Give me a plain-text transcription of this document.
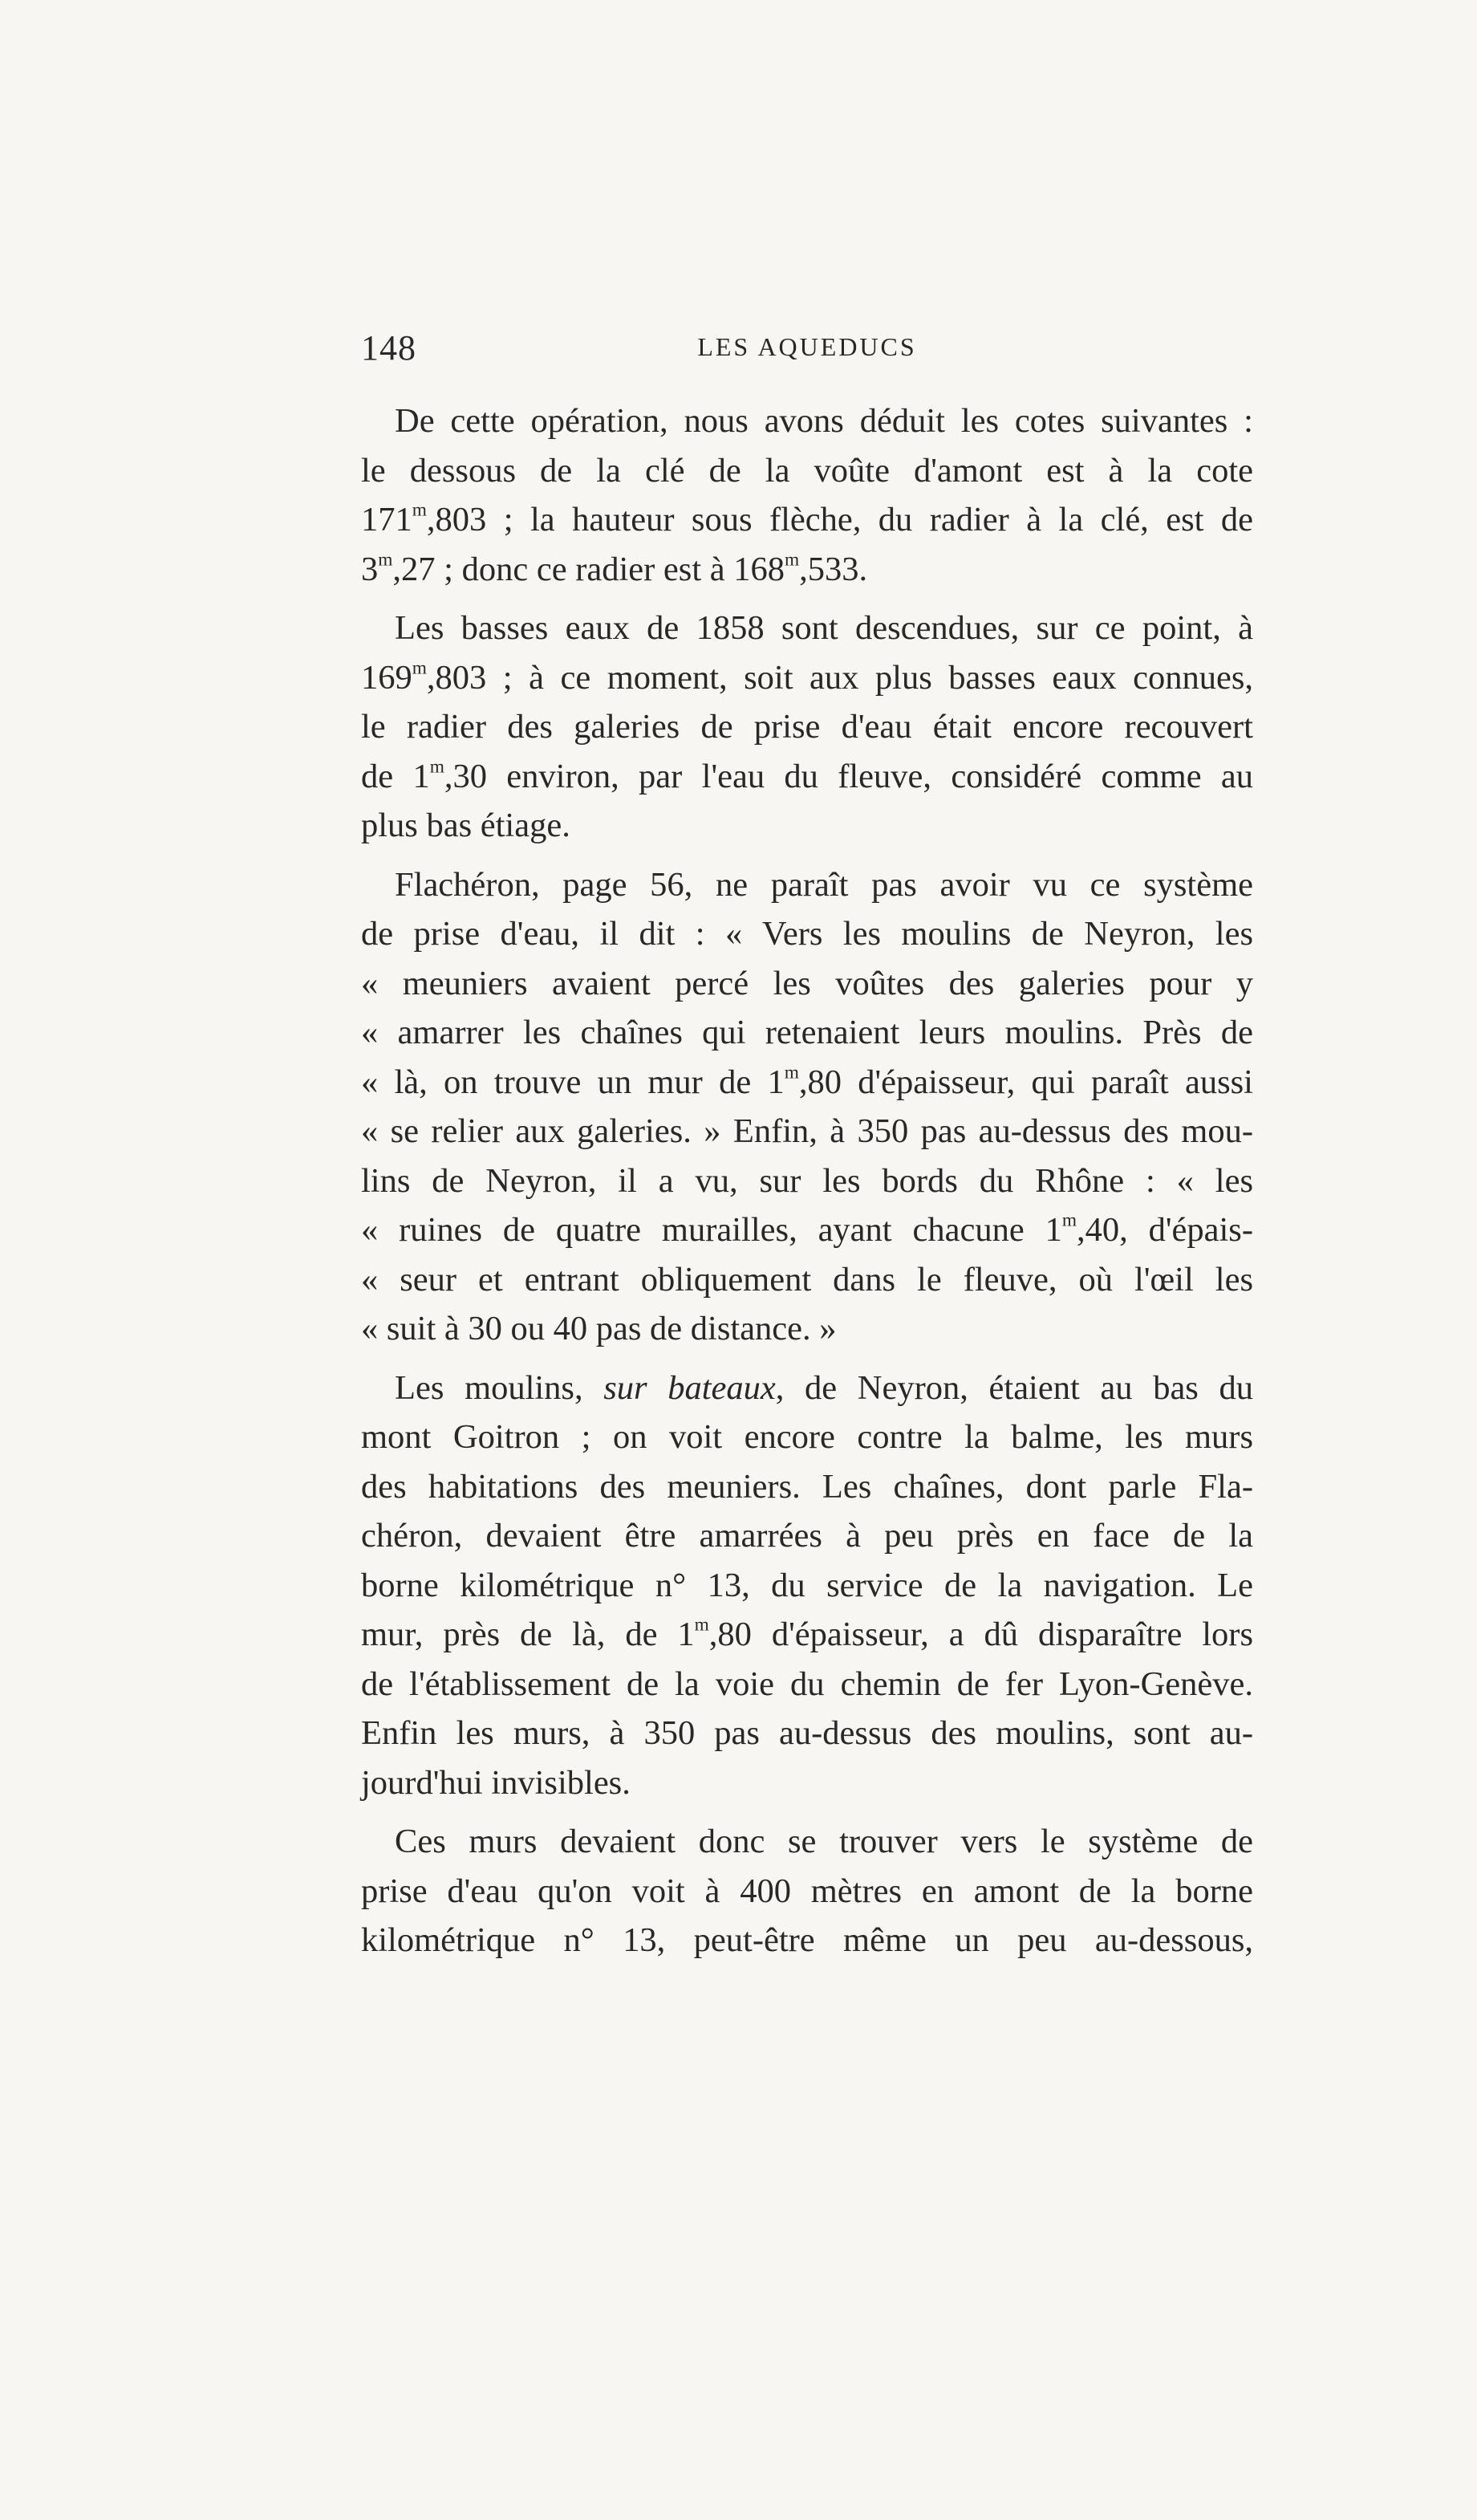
148	LES AQUEDUCS

De cette opération, nous avons déduit les cotes suivantes :
le dessous de la clé de la voûte d'amont est à la cote
171$^m$,803 ; la hauteur sous flèche, du radier à la clé, est de
3$^m$,27 ; donc ce radier est à 168$^m$,533.

Les basses eaux de 1858 sont descendues, sur ce point, à
169$^m$,803 ; à ce moment, soit aux plus basses eaux connues,
le radier des galeries de prise d'eau était encore recouvert
de 1$^m$,30 environ, par l'eau du fleuve, considéré comme au
plus bas étiage.

Flachéron, page 56, ne paraît pas avoir vu ce système
de prise d'eau, il dit : « Vers les moulins de Neyron, les
« meuniers avaient percé les voûtes des galeries pour y
« amarrer les chaînes qui retenaient leurs moulins. Près de
« là, on trouve un mur de 1$^m$,80 d'épaisseur, qui paraît aussi
« se relier aux galeries. » Enfin, à 350 pas au-dessus des mou-
lins de Neyron, il a vu, sur les bords du Rhône : « les
« ruines de quatre murailles, ayant chacune 1$^m$,40, d'épais-
« seur et entrant obliquement dans le fleuve, où l'œil les
« suit à 30 ou 40 pas de distance. »

Les moulins, sur bateaux, de Neyron, étaient au bas du
mont Goitron ; on voit encore contre la balme, les murs
des habitations des meuniers. Les chaînes, dont parle Fla-
chéron, devaient être amarrées à peu près en face de la
borne kilométrique n° 13, du service de la navigation. Le
mur, près de là, de 1$^m$,80 d'épaisseur, a dû disparaître lors
de l'établissement de la voie du chemin de fer Lyon-Genève.
Enfin les murs, à 350 pas au-dessus des moulins, sont au-
jourd'hui invisibles.

Ces murs devaient donc se trouver vers le système de
prise d'eau qu'on voit à 400 mètres en amont de la borne
kilométrique n° 13, peut-être même un peu au-dessous,
